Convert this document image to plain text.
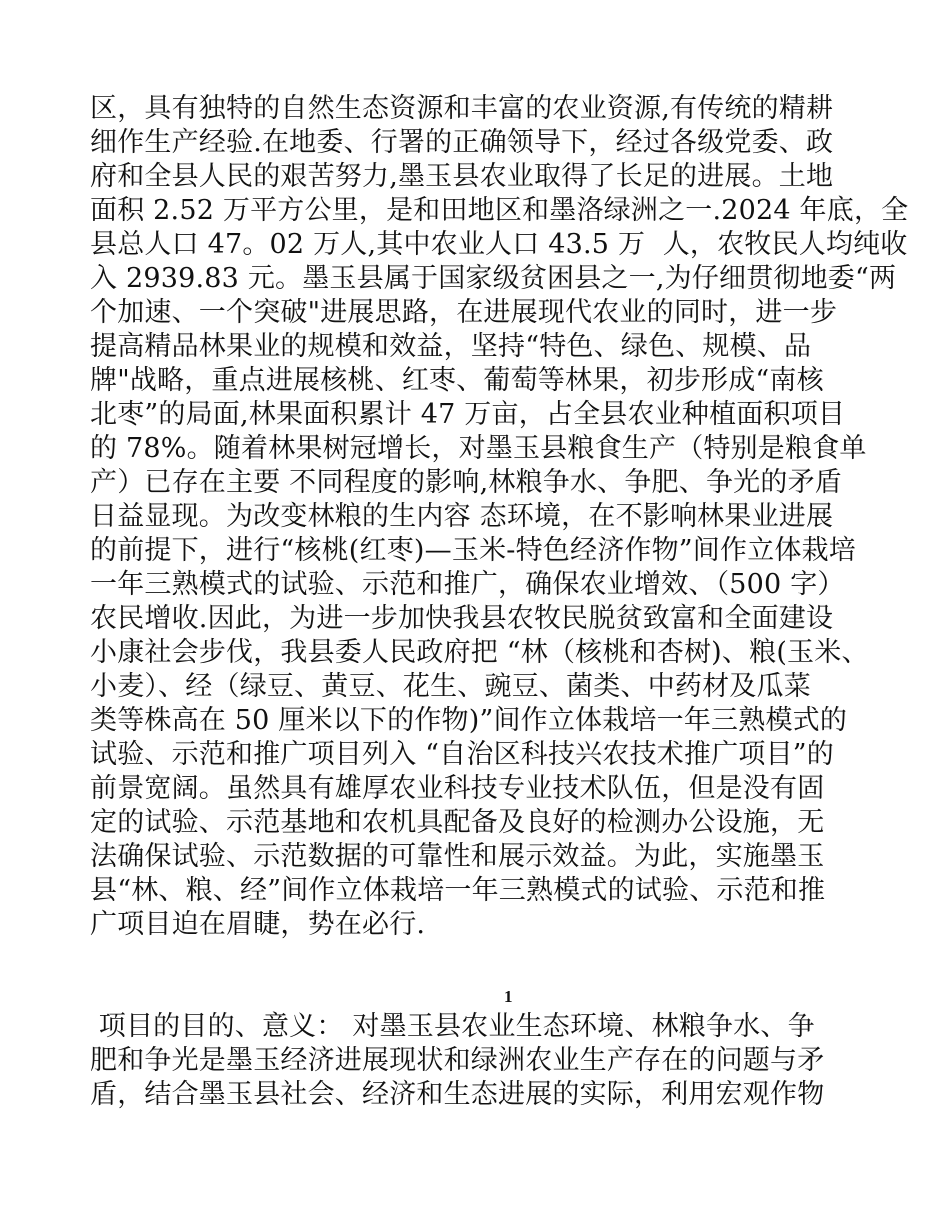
区，具有独特的自然生态资源和丰富的农业资源,有传统的精耕
细作生产经验.在地委、行署的正确领导下，经过各级党委、政
府和全县人民的艰苦努力,墨玉县农业取得了长足的进展。土地
面积 2.52 万平方公里，是和田地区和墨洛绿洲之一.2024 年底，全
县总人口 47。02 万人,其中农业人口 43.5 万  人，农牧民人均纯收
入 2939.83 元。墨玉县属于国家级贫困县之一,为仔细贯彻地委“两
个加速、一个突破"进展思路，在进展现代农业的同时，进一步
提高精品林果业的规模和效益，坚持“特色、绿色、规模、品
牌"战略，重点进展核桃、红枣、葡萄等林果，初步形成“南核
北枣”的局面,林果面积累计 47 万亩，占全县农业种植面积项目
的 78%。随着林果树冠增长，对墨玉县粮食生产（特别是粮食单
产）已存在主要 不同程度的影响,林粮争水、争肥、争光的矛盾
日益显现。为改变林粮的生内容 态环境，在不影响林果业进展
的前提下，进行“核桃(红枣)—玉米-特色经济作物”间作立体栽培
一年三熟模式的试验、示范和推广，确保农业增效、（500 字）
农民增收.因此，为进一步加快我县农牧民脱贫致富和全面建设
小康社会步伐，我县委人民政府把 “林（核桃和杏树)、粮(玉米、
小麦）、经（绿豆、黄豆、花生、豌豆、菌类、中药材及瓜菜
类等株高在 50 厘米以下的作物)”间作立体栽培一年三熟模式的
试验、示范和推广项目列入 “自治区科技兴农技术推广项目”的
前景宽阔。虽然具有雄厚农业科技专业技术队伍，但是没有固
定的试验、示范基地和农机具配备及良好的检测办公设施，无
法确保试验、示范数据的可靠性和展示效益。为此，实施墨玉
县“林、粮、经”间作立体栽培一年三熟模式的试验、示范和推
广项目迫在眉睫，势在必行.
1
项目的目的、意义： 对墨玉县农业生态环境、林粮争水、争
肥和争光是墨玉经济进展现状和绿洲农业生产存在的问题与矛
盾，结合墨玉县社会、经济和生态进展的实际，利用宏观作物
